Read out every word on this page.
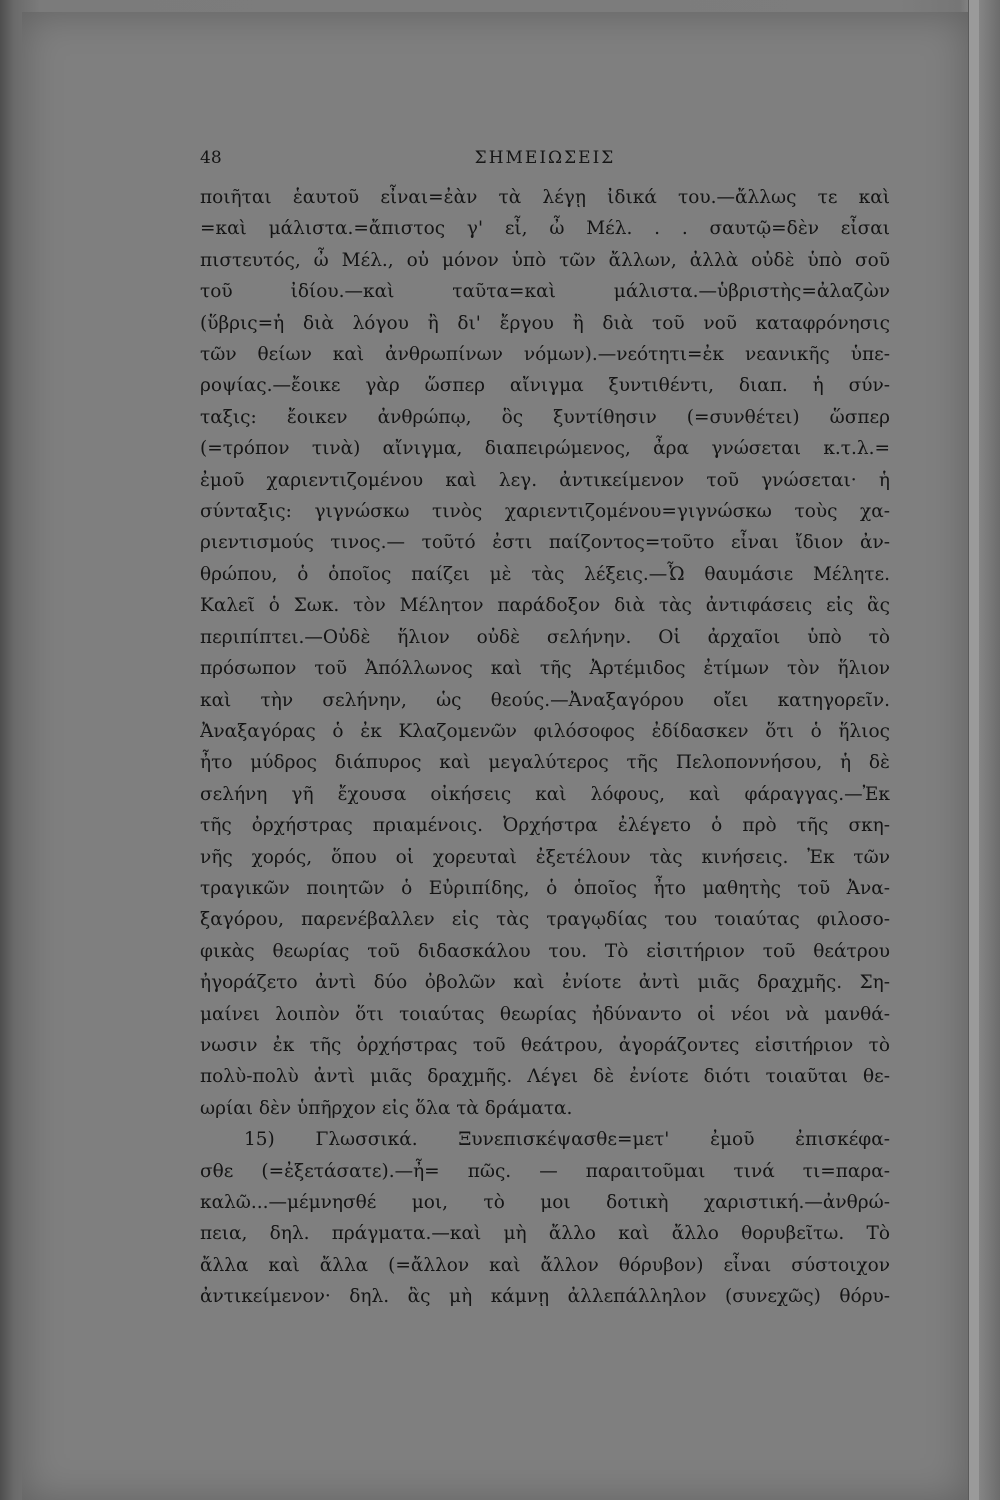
48	ΣΗΜΕΙΩΣΕΙΣ
ποιῆται ἑαυτοῦ εἶναι=ἐὰν τὰ λέγῃ ἰδικά του.—ἄλλως τε καὶ
=καὶ μάλιστα.=ἄπιστος γ' εἶ, ὦ Μέλ. . . σαυτῷ=δὲν εἶσαι
πιστευτός, ὦ Μέλ., οὐ μόνον ὑπὸ τῶν ἄλλων, ἀλλὰ οὐδὲ ὑπὸ σοῦ
τοῦ ἰδίου.—καὶ ταῦτα=καὶ μάλιστα.—ὑβριστὴς=ἀλαζὼν
(ὕβρις=ἡ διὰ λόγου ἢ δι' ἔργου ἢ διὰ τοῦ νοῦ καταφρόνησις
τῶν θείων καὶ ἀνθρωπίνων νόμων).—νεότητι=ἐκ νεανικῆς ὑπε-
ροψίας.—ἔοικε γὰρ ὥσπερ αἴνιγμα ξυντιθέντι, διαπ. ἡ σύν-
ταξις: ἔοικεν ἀνθρώπῳ, ὃς ξυντίθησιν (=συνθέτει) ὥσπερ
(=τρόπον τινὰ) αἴνιγμα, διαπειρώμενος, ἆρα γνώσεται κ.τ.λ.=
ἐμοῦ χαριεντιζομένου καὶ λεγ. ἀντικείμενον τοῦ γνώσεται· ἡ
σύνταξις: γιγνώσκω τινὸς χαριεντιζομένου=γιγνώσκω τοὺς χα-
ριεντισμούς τινος.— τοῦτό ἐστι παίζοντος=τοῦτο εἶναι ἴδιον ἀν-
θρώπου, ὁ ὁποῖος παίζει μὲ τὰς λέξεις.—Ὦ θαυμάσιε Μέλητε.
Καλεῖ ὁ Σωκ. τὸν Μέλητον παράδοξον διὰ τὰς ἀντιφάσεις εἰς ἃς
περιπίπτει.—Οὐδὲ ἥλιον οὐδὲ σελήνην. Οἱ ἀρχαῖοι ὑπὸ τὸ
πρόσωπον τοῦ Ἀπόλλωνος καὶ τῆς Ἀρτέμιδος ἐτίμων τὸν ἥλιον
καὶ τὴν σελήνην, ὡς θεούς.—Ἀναξαγόρου οἴει κατηγορεῖν.
Ἀναξαγόρας ὁ ἐκ Κλαζομενῶν φιλόσοφος ἐδίδασκεν ὅτι ὁ ἥλιος
ἦτο μύδρος διάπυρος καὶ μεγαλύτερος τῆς Πελοποννήσου, ἡ δὲ
σελήνη γῆ ἔχουσα οἰκήσεις καὶ λόφους, καὶ φάραγγας.—Ἐκ
τῆς ὀρχήστρας πριαμένοις. Ὀρχήστρα ἐλέγετο ὁ πρὸ τῆς σκη-
νῆς χορός, ὅπου οἱ χορευταὶ ἐξετέλουν τὰς κινήσεις. Ἐκ τῶν
τραγικῶν ποιητῶν ὁ Εὐριπίδης, ὁ ὁποῖος ἦτο μαθητὴς τοῦ Ἀνα-
ξαγόρου, παρενέβαλλεν εἰς τὰς τραγῳδίας του τοιαύτας φιλοσο-
φικὰς θεωρίας τοῦ διδασκάλου του. Τὸ εἰσιτήριον τοῦ θεάτρου
ἠγοράζετο ἀντὶ δύο ὀβολῶν καὶ ἐνίοτε ἀντὶ μιᾶς δραχμῆς. Ση-
μαίνει λοιπὸν ὅτι τοιαύτας θεωρίας ἠδύναντο οἱ νέοι νὰ μανθά-
νωσιν ἐκ τῆς ὀρχήστρας τοῦ θεάτρου, ἀγοράζοντες εἰσιτήριον τὸ
πολὺ-πολὺ ἀντὶ μιᾶς δραχμῆς. Λέγει δὲ ἐνίοτε διότι τοιαῦται θε-
ωρίαι δὲν ὑπῆρχον εἰς ὅλα τὰ δράματα.
15) Γλωσσικά. Ξυνεπισκέψασθε=μετ' ἐμοῦ ἐπισκέφα-
σθε (=ἐξετάσατε).—ἦ= πῶς. — παραιτοῦμαι τινά τι=παρα-
καλῶ...—μέμνησθέ μοι, τὸ μοι δοτικὴ χαριστική.—ἀνθρώ-
πεια, δηλ. πράγματα.—καὶ μὴ ἄλλο καὶ ἄλλο θορυβεῖτω. Τὸ
ἄλλα καὶ ἄλλα (=ἄλλον καὶ ἄλλον θόρυβον) εἶναι σύστοιχον
ἀντικείμενον· δηλ. ἃς μὴ κάμνῃ ἀλλεπάλληλον (συνεχῶς) θόρυ-
